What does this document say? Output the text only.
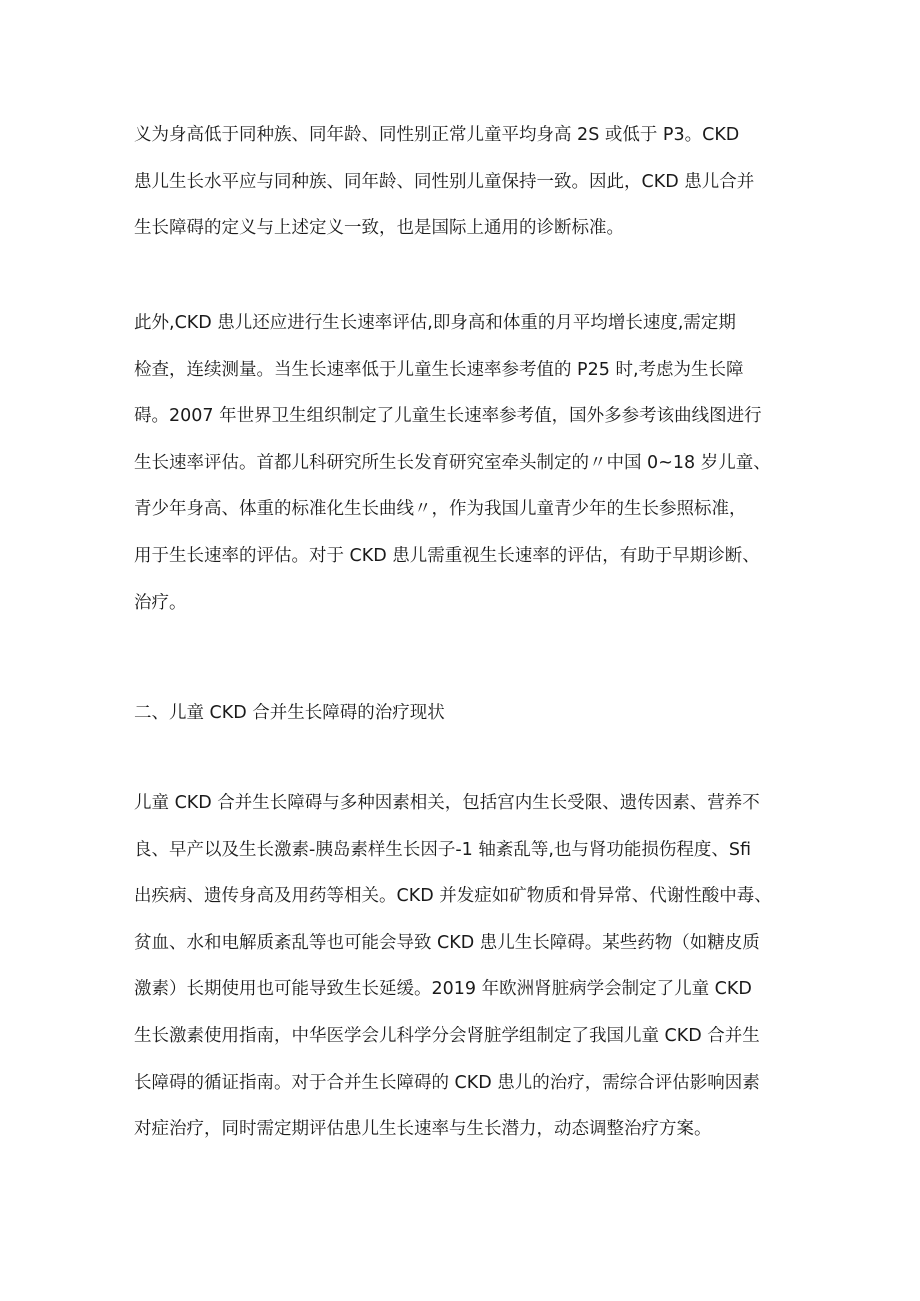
义为身高低于同种族、同年龄、同性别正常儿童平均身高 2S 或低于 P3。CKD
患儿生长水平应与同种族、同年龄、同性别儿童保持一致。因此，CKD 患儿合并
生长障碍的定义与上述定义一致，也是国际上通用的诊断标准。
此外,CKD 患儿还应进行生长速率评估,即身高和体重的月平均增长速度,需定期
检查，连续测量。当生长速率低于儿童生长速率参考值的 P25 时,考虑为生长障
碍。2007 年世界卫生组织制定了儿童生长速率参考值，国外多参考该曲线图进行
生长速率评估。首都儿科研究所生长发育研究室牵头制定的〃中国 0~18 岁儿童、
青少年身高、体重的标准化生长曲线〃，作为我国儿童青少年的生长参照标准，
用于生长速率的评估。对于 CKD 患儿需重视生长速率的评估，有助于早期诊断、
治疗。
二、儿童 CKD 合并生长障碍的治疗现状
儿童 CKD 合并生长障碍与多种因素相关，包括宫内生长受限、遗传因素、营养不
良、早产以及生长激素-胰岛素样生长因子-1 轴紊乱等,也与肾功能损伤程度、Sfi
出疾病、遗传身高及用药等相关。CKD 并发症如矿物质和骨异常、代谢性酸中毒、
贫血、水和电解质紊乱等也可能会导致 CKD 患儿生长障碍。某些药物（如糖皮质
激素）长期使用也可能导致生长延缓。2019 年欧洲肾脏病学会制定了儿童 CKD
生长激素使用指南，中华医学会儿科学分会肾脏学组制定了我国儿童 CKD 合并生
长障碍的循证指南。对于合并生长障碍的 CKD 患儿的治疗，需综合评估影响因素
对症治疗，同时需定期评估患儿生长速率与生长潜力，动态调整治疗方案。
